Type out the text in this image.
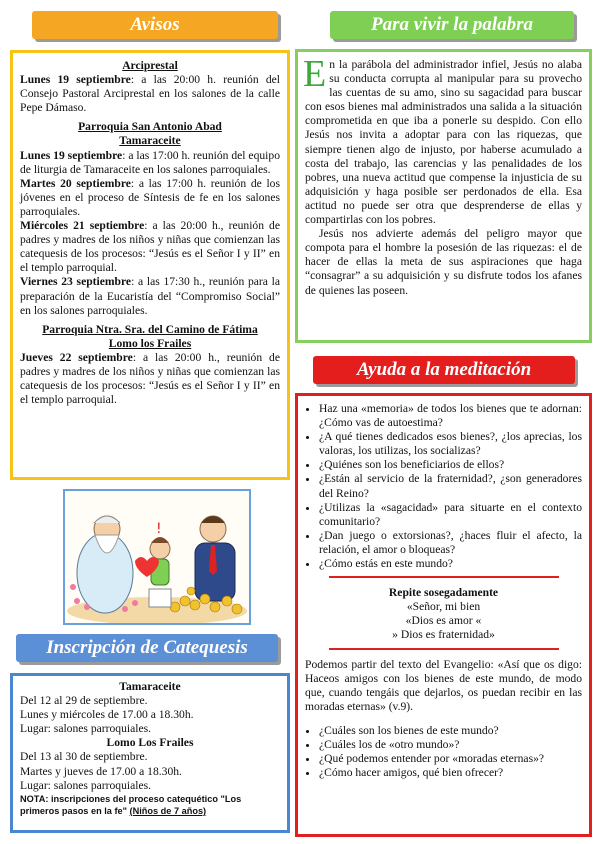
Avisos

Arciprestal

Lunes 19 septiembre: a las 20:00 h. reunión del Consejo Pastoral Arciprestal en los salones de la calle Pepe Dámaso.

Parroquia San Antonio Abad

Tamaraceite

Lunes 19 septiembre: a las 17:00 h. reunión del equipo de liturgia de Tamaraceite en los salones parroquiales.

Martes 20 septiembre: a las 17:00 h. reunión de los jóvenes en el proceso de Síntesis de fe en los salones parroquiales.

Miércoles 21 septiembre: a las 20:00 h., reunión de padres y madres de los niños y niñas que comienzan las catequesis de los procesos: “Jesús es el Señor I y II” en el templo parroquial.

Viernes 23 septiembre: a las 17:30 h., reunión para la preparación de la Eucaristía del “Compromiso Social” en los salones parroquiales.

Parroquia Ntra. Sra. del Camino de Fátima

Lomo los Frailes

Jueves 22 septiembre: a las 20:00 h., reunión de padres y madres de los niños y niñas que comienzan las catequesis de los procesos: “Jesús es el Señor I y II” en el templo parroquial.

!
Inscripción de Catequesis

Tamaraceite

Del 12 al 29 de septiembre.

Lunes y miércoles de 17.00 a 18.30h.

Lugar: salones parroquiales.

Lomo Los Frailes

Del 13 al 30 de septiembre.

Martes y jueves de 17.00 a 18.30h.

Lugar: salones parroquiales.

NOTA: inscripciones del proceso catequético "Los primeros pasos en la fe" (Niños de 7 años)

Para vivir la palabra

En la parábola del administrador infiel, Jesús no alaba su conducta corrupta al manipular para su provecho las cuentas de su amo, sino su sagacidad para buscar con esos bienes mal administrados una salida a la situación comprometida en que iba a ponerle su despido. Con ello Jesús nos invita a adoptar para con las riquezas, que siempre tienen algo de injusto, por haberse acumulado a costa del trabajo, las carencias y las penalidades de los pobres, una nueva actitud que compense la injusticia de su adquisición y haga posible ser perdonados de ella. Esa actitud no puede ser otra que desprenderse de ellas y compartirlas con los pobres.

Jesús nos advierte además del peligro mayor que compota para el hombre la posesión de las riquezas: el de hacer de ellas la meta de sus aspiraciones que haga “consagrar” a su adquisición y su disfrute todos los afanes de quienes las poseen.

Ayuda a la meditación
• Haz una «memoria» de todos los bienes que te adornan: ¿Cómo vas de autoestima?
• ¿A qué tienes dedicados esos bienes?, ¿los aprecias, los valoras, los utilizas, los socializas?
• ¿Quiénes son los beneficiarios de ellos?
• ¿Están al servicio de la fraternidad?, ¿son generadores del Reino?
• ¿Utilizas la «sagacidad» para situarte en el contexto comunitario?
• ¿Dan juego o extorsionas?, ¿haces fluir el afecto, la relación, el amor o bloqueas?
• ¿Cómo estás en este mundo?

Repite sosegadamente

«Señor, mi bien

«Dios es amor «

» Dios es fraternidad»

Podemos partir del texto del Evangelio: «Así que os digo: Haceos amigos con los bienes de este mundo, de modo que, cuando tengáis que dejarlos, os puedan recibir en las moradas eternas» (v.9).

• ¿Cuáles son los bienes de este mundo?
• ¿Cuáles los de «otro mundo»?
• ¿Qué podemos entender por «moradas eternas»?
• ¿Cómo hacer amigos, qué bien ofrecer?
